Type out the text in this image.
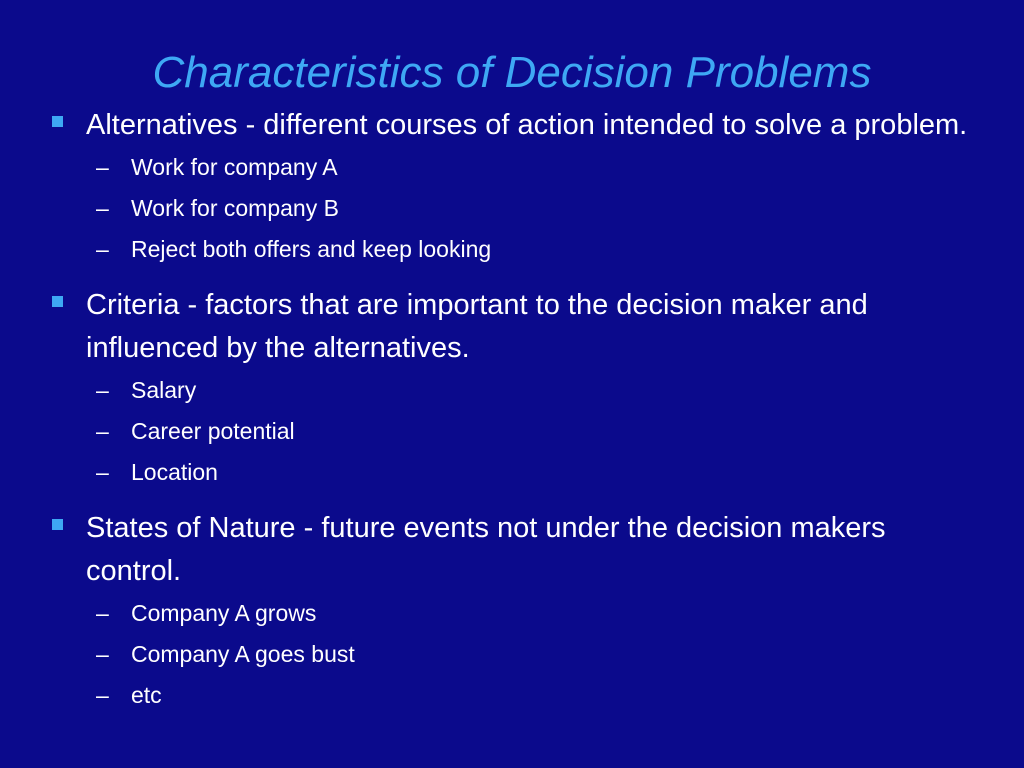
Characteristics of Decision Problems
Alternatives - different courses of action intended to solve a problem.
– Work for company A
– Work for company B
– Reject both offers and keep looking
Criteria - factors that are important to the decision maker and influenced by the alternatives.
– Salary
– Career potential
– Location
States of Nature - future events not under the decision makers control.
– Company A grows
– Company A goes bust
– etc
